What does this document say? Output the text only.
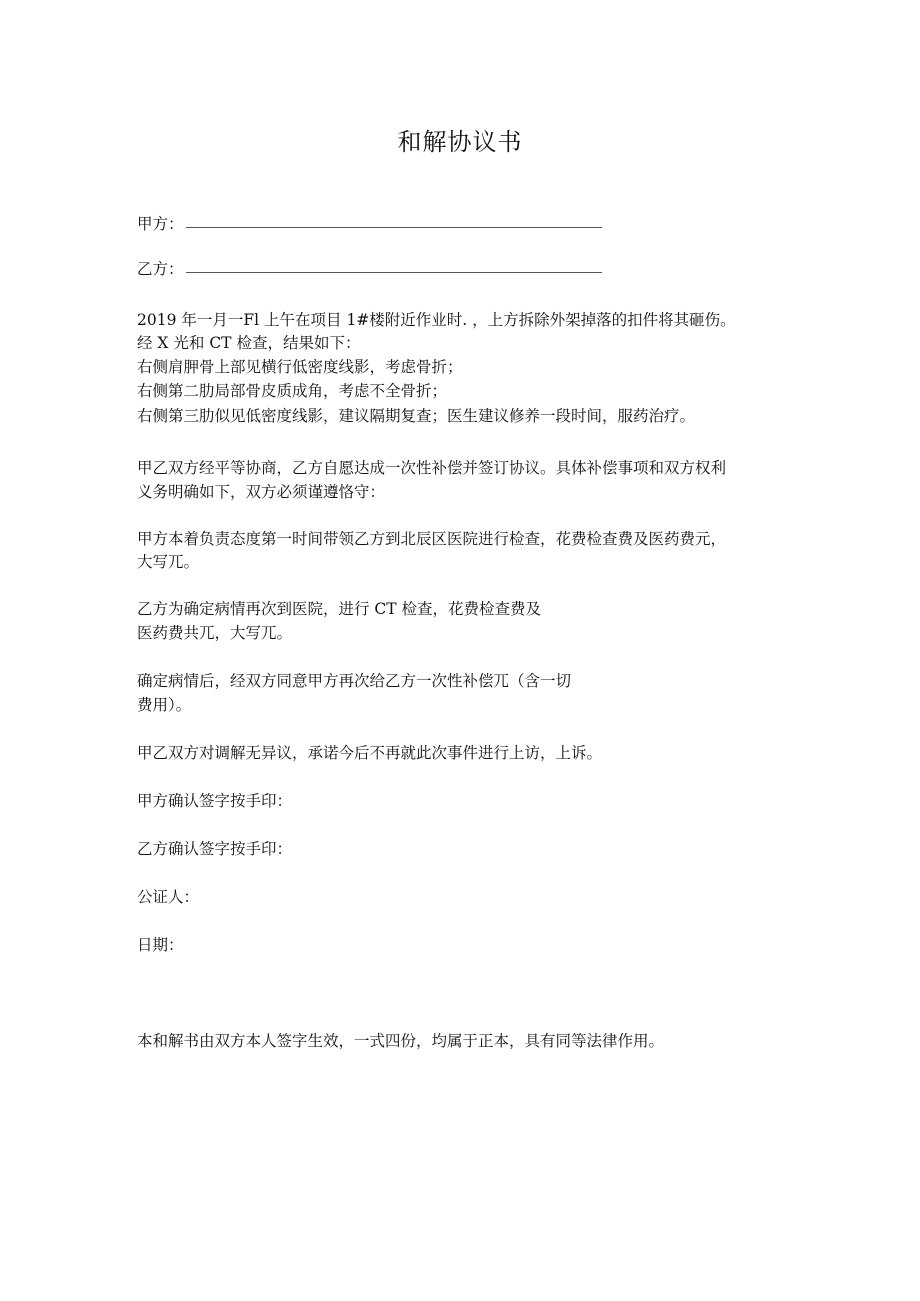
和解协议书
甲方：
乙方：
2019 年一月一Fl 上午在项目 1#楼附近作业时. ，上方拆除外架掉落的扣件将其砸伤。
经 X 光和 CT 检查，结果如下：
右侧肩胛骨上部见横行低密度线影，考虑骨折；
右侧第二肋局部骨皮质成角，考虑不全骨折；
右侧第三肋似见低密度线影，建议隔期复查；医生建议修养一段时间，服药治疗。
甲乙双方经平等协商，乙方自愿达成一次性补偿并签订协议。具体补偿事项和双方权利
义务明确如下，双方必须谨遵恪守：
甲方本着负责态度第一时间带领乙方到北辰区医院进行检查，花费检查费及医药费元，
大写兀。
乙方为确定病情再次到医院，进行 CT 检查，花费检查费及
医药费共兀，大写兀。
确定病情后，经双方同意甲方再次给乙方一次性补偿兀（含一切
费用）。
甲乙双方对调解无异议，承诺今后不再就此次事件进行上访，上诉。
甲方确认签字按手印：
乙方确认签字按手印：
公证人：
日期：
本和解书由双方本人签字生效，一式四份，均属于正本，具有同等法律作用。
